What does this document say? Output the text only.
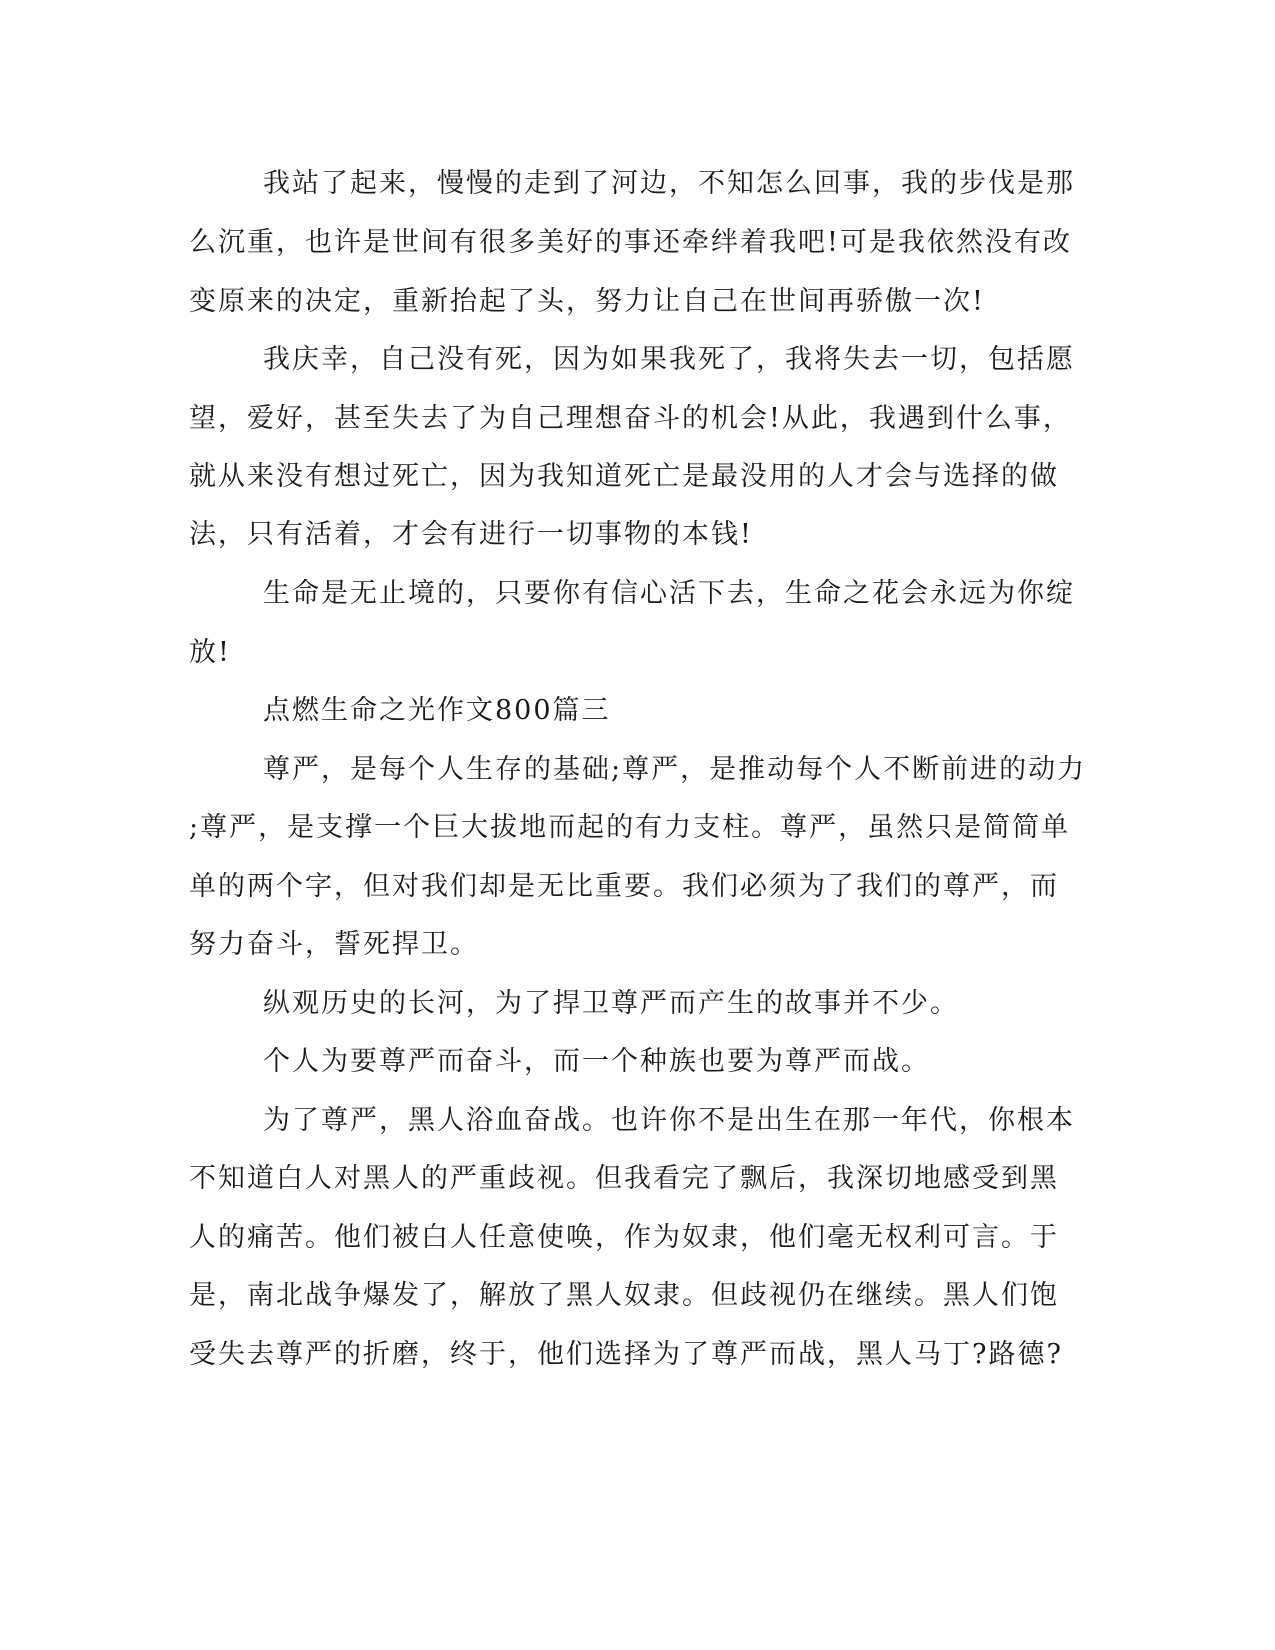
我站了起来，慢慢的走到了河边，不知怎么回事，我的步伐是那
么沉重，也许是世间有很多美好的事还牵绊着我吧!可是我依然没有改
变原来的决定，重新抬起了头，努力让自己在世间再骄傲一次!
我庆幸，自己没有死，因为如果我死了，我将失去一切，包括愿
望，爱好，甚至失去了为自己理想奋斗的机会!从此，我遇到什么事，
就从来没有想过死亡，因为我知道死亡是最没用的人才会与选择的做
法，只有活着，才会有进行一切事物的本钱!
生命是无止境的，只要你有信心活下去，生命之花会永远为你绽
放!
点燃生命之光作文800篇三
尊严，是每个人生存的基础;尊严，是推动每个人不断前进的动力
;尊严，是支撑一个巨大拔地而起的有力支柱。尊严，虽然只是简简单
单的两个字，但对我们却是无比重要。我们必须为了我们的尊严，而
努力奋斗，誓死捍卫。
纵观历史的长河，为了捍卫尊严而产生的故事并不少。
个人为要尊严而奋斗，而一个种族也要为尊严而战。
为了尊严，黑人浴血奋战。也许你不是出生在那一年代，你根本
不知道白人对黑人的严重歧视。但我看完了飘后，我深切地感受到黑
人的痛苦。他们被白人任意使唤，作为奴隶，他们毫无权利可言。于
是，南北战争爆发了，解放了黑人奴隶。但歧视仍在继续。黑人们饱
受失去尊严的折磨，终于，他们选择为了尊严而战，黑人马丁?路德?
